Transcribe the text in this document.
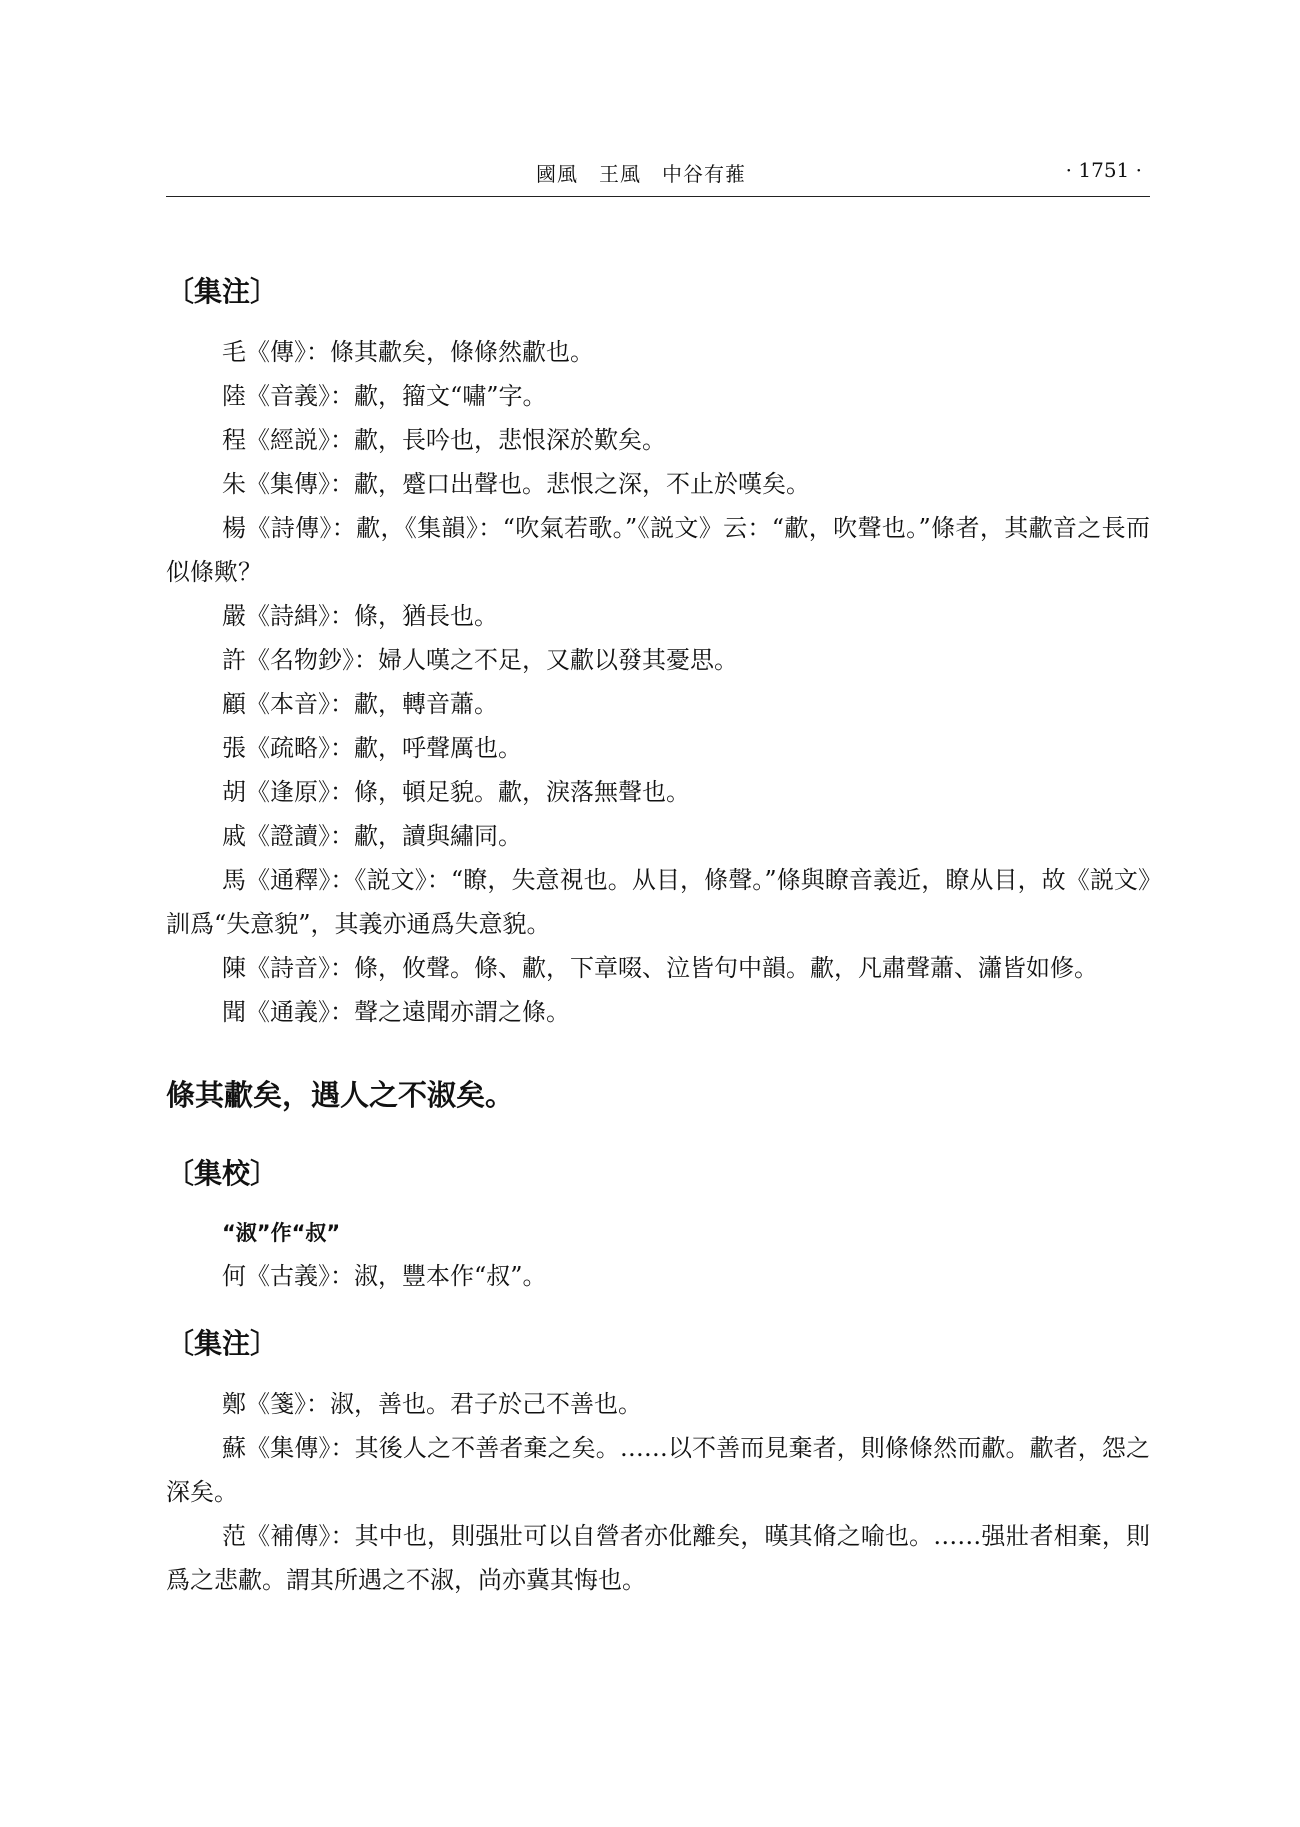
國風　王風　中谷有蓷	· 1751 ·
〔集注〕

毛《傳》：條其歗矣，條條然歗也。

陸《音義》：歗，籀文“嘯”字。

程《經説》：歗，長吟也，悲恨深於歎矣。

朱《集傳》：歗，蹙口出聲也。悲恨之深，不止於嘆矣。

楊《詩傳》：歗，《集韻》：“吹氣若歌。”《説文》云：“歗，吹聲也。”條者，其歗音之長而似條歟？

嚴《詩緝》：條，猶長也。

許《名物鈔》：婦人嘆之不足，又歗以發其憂思。

顧《本音》：歗，轉音蕭。

張《疏略》：歗，呼聲厲也。

胡《逢原》：條，頓足貌。歗，淚落無聲也。

戚《證讀》：歗，讀與繡同。

馬《通釋》：《説文》：“瞭，失意視也。从目，條聲。”條與瞭音義近，瞭从目，故《説文》訓爲“失意貌”，其義亦通爲失意貌。

陳《詩音》：條，攸聲。條、歗，下章啜、泣皆句中韻。歗，凡肅聲蕭、瀟皆如修。

聞《通義》：聲之遠聞亦謂之條。

條其歗矣，遇人之不淑矣。

〔集校〕

“淑”作“叔”

何《古義》：淑，豐本作“叔”。

〔集注〕

鄭《箋》：淑，善也。君子於己不善也。

蘇《集傳》：其後人之不善者棄之矣。……以不善而見棄者，則條條然而歗。歗者，怨之深矣。

范《補傳》：其中也，則强壯可以自營者亦仳離矣，暵其脩之喻也。……强壯者相棄，則爲之悲歗。謂其所遇之不淑，尚亦冀其悔也。
